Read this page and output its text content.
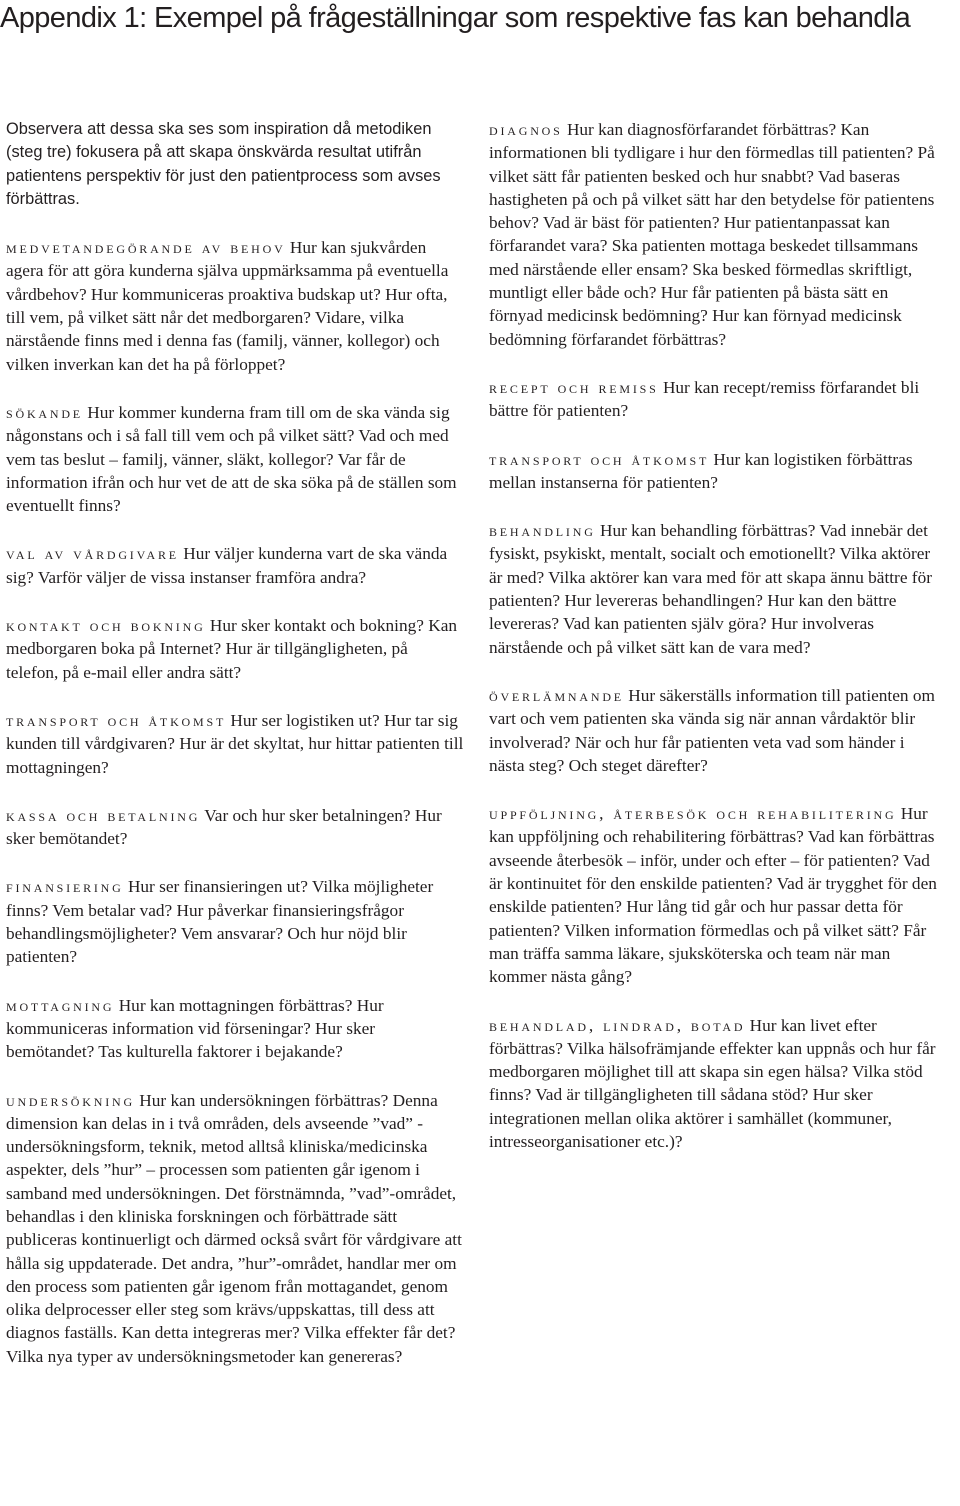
Appendix 1: Exempel på frågeställningar som respektive fas kan behandla

Observera att dessa ska ses som inspiration då metodiken (steg tre) fokusera på att skapa önskvärda resultat utifrån patientens perspektiv för just den patientprocess som avses förbättras.

medvetandegörande av behov Hur kan sjukvården agera för att göra kunderna själva uppmärksamma på eventuella vårdbehov? Hur kommuniceras proaktiva budskap ut? Hur ofta, till vem, på vilket sätt når det medborgaren? Vidare, vilka närstående finns med i denna fas (familj, vänner, kollegor) och vilken inverkan kan det ha på förloppet?

sökande Hur kommer kunderna fram till om de ska vända sig någonstans och i så fall till vem och på vilket sätt? Vad och med vem tas beslut – familj, vänner, släkt, kollegor? Var får de information ifrån och hur vet de att de ska söka på de ställen som eventuellt finns?

val av vårdgivare Hur väljer kunderna vart de ska vända sig? Varför väljer de vissa instanser framföra andra?

kontakt och bokning Hur sker kontakt och bokning? Kan medborgaren boka på Internet? Hur är tillgängligheten, på telefon, på e-mail eller andra sätt?

transport och åtkomst Hur ser logistiken ut? Hur tar sig kunden till vårdgivaren? Hur är det skyltat, hur hittar patienten till mottagningen?

kassa och betalning Var och hur sker betalningen? Hur sker bemötandet?

finansiering Hur ser finansieringen ut? Vilka möjligheter finns? Vem betalar vad? Hur påverkar finansieringsfrågor behandlingsmöjligheter? Vem ansvarar? Och hur nöjd blir patienten?

mottagning Hur kan mottagningen förbättras? Hur kommuniceras information vid förseningar? Hur sker bemötandet? Tas kulturella faktorer i bejakande?

undersökning Hur kan undersökningen förbättras? Denna dimension kan delas in i två områden, dels avseende ”vad” - undersökningsform, teknik, metod alltså kliniska/medicinska aspekter, dels ”hur” – processen som patienten går igenom i samband med undersökningen. Det förstnämnda, ”vad”-området, behandlas i den kliniska forskningen och förbättrade sätt publiceras kontinuerligt och därmed också svårt för vårdgivare att hålla sig uppdaterade. Det andra, ”hur”-området, handlar mer om den process som patienten går igenom från mottagandet, genom olika delprocesser eller steg som krävs/uppskattas, till dess att diagnos faställs. Kan detta integreras mer? Vilka effekter får det? Vilka nya typer av undersökningsmetoder kan genereras?

diagnos Hur kan diagnosförfarandet förbättras? Kan informationen bli tydligare i hur den förmedlas till patienten? På vilket sätt får patienten besked och hur snabbt? Vad baseras hastigheten på och på vilket sätt har den betydelse för patientens behov? Vad är bäst för patienten? Hur patientanpassat kan förfarandet vara? Ska patienten mottaga beskedet tillsammans med närstående eller ensam? Ska besked förmedlas skriftligt, muntligt eller både och? Hur får patienten på bästa sätt en förnyad medicinsk bedömning? Hur kan förnyad medicinsk bedömning förfarandet förbättras?

recept och remiss Hur kan recept/remiss förfarandet bli bättre för patienten?

transport och åtkomst Hur kan logistiken förbättras mellan instanserna för patienten?

behandling Hur kan behandling förbättras? Vad innebär det fysiskt, psykiskt, mentalt, socialt och emotionellt? Vilka aktörer är med? Vilka aktörer kan vara med för att skapa ännu bättre för patienten? Hur levereras behandlingen? Hur kan den bättre levereras? Vad kan patienten själv göra? Hur involveras närstående och på vilket sätt kan de vara med?

överlämnande Hur säkerställs information till patienten om vart och vem patienten ska vända sig när annan vårdaktör blir involverad? När och hur får patienten veta vad som händer i nästa steg? Och steget därefter?

uppföljning, återbesök och rehabilitering Hur kan uppföljning och rehabilitering förbättras? Vad kan förbättras avseende återbesök – inför, under och efter – för patienten? Vad är kontinuitet för den enskilde patienten? Vad är trygghet för den enskilde patienten? Hur lång tid går och hur passar detta för patienten? Vilken information förmedlas och på vilket sätt? Får man träffa samma läkare, sjuksköterska och team när man kommer nästa gång?

behandlad, lindrad, botad Hur kan livet efter förbättras? Vilka hälsofrämjande effekter kan uppnås och hur får medborgaren möjlighet till att skapa sin egen hälsa? Vilka stöd finns? Vad är tillgängligheten till sådana stöd? Hur sker integrationen mellan olika aktörer i samhället (kommuner, intresseorganisationer etc.)?
